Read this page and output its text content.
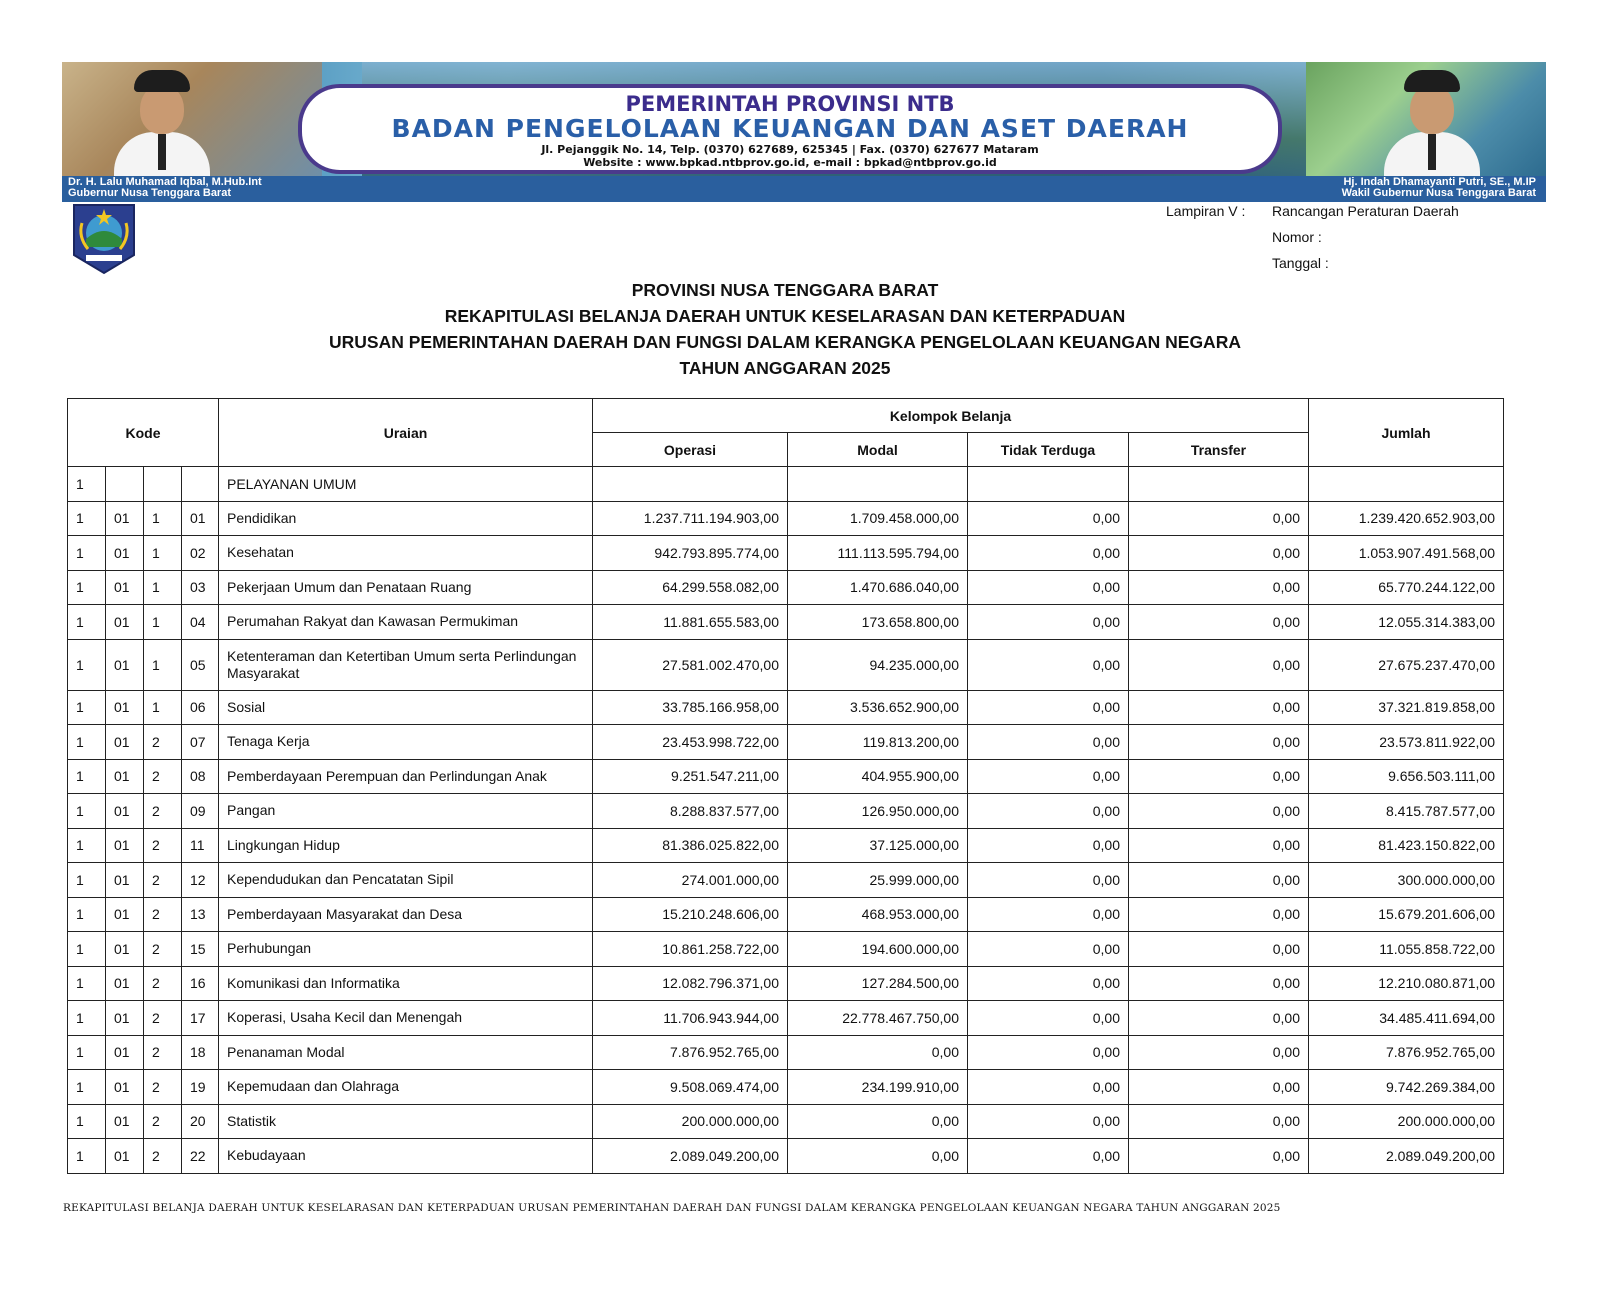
PEMERINTAH PROVINSI NTB
BADAN PENGELOLAAN KEUANGAN DAN ASET DAERAH
Jl. Pejanggik No. 14, Telp. (0370) 627689, 625345 | Fax. (0370) 627677 Mataram
Website : www.bpkad.ntbprov.go.id, e-mail : bpkad@ntbprov.go.id
Dr. H. Lalu Muhamad Iqbal, M.Hub.Int
Gubernur Nusa Tenggara Barat
Hj. Indah Dhamayanti Putri, SE., M.IP
Wakil Gubernur Nusa Tenggara Barat
Lampiran V :	Rancangan Peraturan Daerah
Nomor :
Tanggal :
PROVINSI NUSA TENGGARA BARAT
REKAPITULASI BELANJA DAERAH UNTUK KESELARASAN DAN KETERPADUAN
URUSAN PEMERINTAHAN DAERAH DAN FUNGSI DALAM KERANGKA PENGELOLAAN KEUANGAN NEGARA
TAHUN ANGGARAN 2025
Kode				Uraian	Kelompok Belanja				Jumlah
					Operasi	Modal	Tidak Terduga	Transfer	
1				PELAYANAN UMUM					
1	01	1	01	Pendidikan	1.237.711.194.903,00	1.709.458.000,00	0,00	0,00	1.239.420.652.903,00
1	01	1	02	Kesehatan	942.793.895.774,00	111.113.595.794,00	0,00	0,00	1.053.907.491.568,00
1	01	1	03	Pekerjaan Umum dan Penataan Ruang	64.299.558.082,00	1.470.686.040,00	0,00	0,00	65.770.244.122,00
1	01	1	04	Perumahan Rakyat dan Kawasan Permukiman	11.881.655.583,00	173.658.800,00	0,00	0,00	12.055.314.383,00
1	01	1	05	Ketenteraman dan Ketertiban Umum serta Perlindungan Masyarakat	27.581.002.470,00	94.235.000,00	0,00	0,00	27.675.237.470,00
1	01	1	06	Sosial	33.785.166.958,00	3.536.652.900,00	0,00	0,00	37.321.819.858,00
1	01	2	07	Tenaga Kerja	23.453.998.722,00	119.813.200,00	0,00	0,00	23.573.811.922,00
1	01	2	08	Pemberdayaan Perempuan dan Perlindungan Anak	9.251.547.211,00	404.955.900,00	0,00	0,00	9.656.503.111,00
1	01	2	09	Pangan	8.288.837.577,00	126.950.000,00	0,00	0,00	8.415.787.577,00
1	01	2	11	Lingkungan Hidup	81.386.025.822,00	37.125.000,00	0,00	0,00	81.423.150.822,00
1	01	2	12	Kependudukan dan Pencatatan Sipil	274.001.000,00	25.999.000,00	0,00	0,00	300.000.000,00
1	01	2	13	Pemberdayaan Masyarakat dan Desa	15.210.248.606,00	468.953.000,00	0,00	0,00	15.679.201.606,00
1	01	2	15	Perhubungan	10.861.258.722,00	194.600.000,00	0,00	0,00	11.055.858.722,00
1	01	2	16	Komunikasi dan Informatika	12.082.796.371,00	127.284.500,00	0,00	0,00	12.210.080.871,00
1	01	2	17	Koperasi, Usaha Kecil dan Menengah	11.706.943.944,00	22.778.467.750,00	0,00	0,00	34.485.411.694,00
1	01	2	18	Penanaman Modal	7.876.952.765,00	0,00	0,00	0,00	7.876.952.765,00
1	01	2	19	Kepemudaan dan Olahraga	9.508.069.474,00	234.199.910,00	0,00	0,00	9.742.269.384,00
1	01	2	20	Statistik	200.000.000,00	0,00	0,00	0,00	200.000.000,00
1	01	2	22	Kebudayaan	2.089.049.200,00	0,00	0,00	0,00	2.089.049.200,00
REKAPITULASI BELANJA DAERAH UNTUK KESELARASAN DAN KETERPADUAN URUSAN PEMERINTAHAN DAERAH DAN FUNGSI DALAM KERANGKA PENGELOLAAN KEUANGAN NEGARA TAHUN ANGGARAN 2025
